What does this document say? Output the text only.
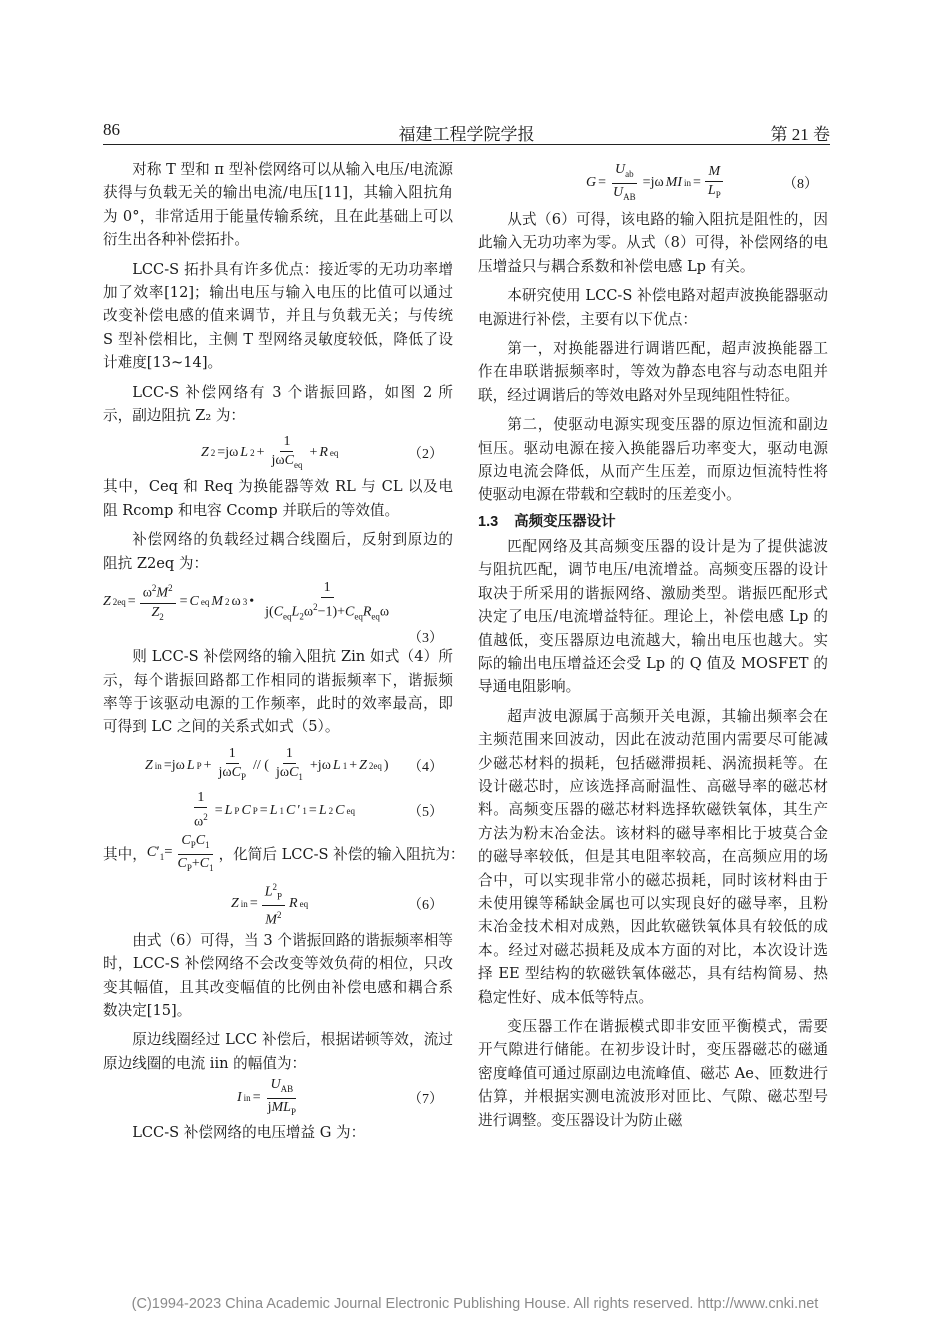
86	福建工程学院学报	第 21 卷

对称 T 型和 π 型补偿网络可以从输入电压/电流源获得与负载无关的输出电流/电压[11]，其输入阻抗角为 0°，非常适用于能量传输系统，且在此基础上可以衍生出各种补偿拓扑。

LCC-S 拓扑具有许多优点：接近零的无功功率增加了效率[12]；输出电压与输入电压的比值可以通过改变补偿电感的值来调节，并且与负载无关；与传统 S 型补偿相比，主侧 T 型网络灵敏度较低，降低了设计难度[13~14]。

LCC-S 补偿网络有 3 个谐振回路，如图 2 所示，副边阻抗 Z₂ 为：

Z 2 =jω L $2 + \frac{1}{j\omega C_{eq}} + R$ eq	（2）

其中，Ceq 和 Req 为换能器等效 RL 与 CL 以及电阻 Rcomp 和电容 Ccomp 并联后的等效值。

补偿网络的负载经过耦合线圈后，反射到原边的阻抗 Z2eq 为：

Z $2eq = \frac{\omega^2M^2}{Z_2} = C$ eq M 2 ω 3 • $\frac{1}{j(C_{eq}L_2\omega^2-1)+C_{eq}R_{eq}\omega}$
（3）

则 LCC-S 补偿网络的输入阻抗 Zin 如式（4）所示，每个谐振回路都工作相同的谐振频率下，谐振频率等于该驱动电源的工作频率，此时的效率最高，即可得到 LC 之间的关系式如式（5）。

Z in =jω L $P + \frac{1}{j\omega C_P}$ // ( $\frac{1}{j\omega C_1} +j\omega$ L 1 + Z 2eq ) （4）
$\frac{1}{\omega^2} = L$ P C P = L 1 C ′ 1 = L 2 C eq	（5）
其中， $C'_1= \frac{C_PC_1}{C_P+C_1}$ ，化简后 LCC-S 补偿的输入阻抗为：
Z in = $\frac{L^2_P}{M^2}$ R eq	（6）

由式（6）可得，当 3 个谐振回路的谐振频率相等时，LCC-S 补偿网络不会改变等效负荷的相位，只改变其幅值，且其改变幅值的比例由补偿电感和耦合系数决定[15]。

原边线圈经过 LCC 补偿后，根据诺顿等效，流过原边线圈的电流 iin 的幅值为：

I in = $\frac{U_{AB}}{jML_P}$	（7）

LCC-S 补偿网络的电压增益 G 为：

$G = \frac{U_{ab}}{U_{AB}} =j\omega$ MI in = $\frac{M}{L_P}$	（8）

从式（6）可得，该电路的输入阻抗是阻性的，因此输入无功功率为零。从式（8）可得，补偿网络的电压增益只与耦合系数和补偿电感 Lp 有关。

本研究使用 LCC-S 补偿电路对超声波换能器驱动电源进行补偿，主要有以下优点：

第一，对换能器进行调谐匹配，超声波换能器工作在串联谐振频率时，等效为静态电容与动态电阻并联，经过调谐后的等效电路对外呈现纯阻性特征。

第二，使驱动电源实现变压器的原边恒流和副边恒压。驱动电源在接入换能器后功率变大，驱动电源原边电流会降低，从而产生压差，而原边恒流特性将使驱动电源在带载和空载时的压差变小。

1.3 高频变压器设计

匹配网络及其高频变压器的设计是为了提供滤波与阻抗匹配，调节电压/电流增益。高频变压器的设计取决于所采用的谐振网络、激励类型。谐振匹配形式决定了电压/电流增益特征。理论上，补偿电感 Lp 的值越低，变压器原边电流越大，输出电压也越大。实际的输出电压增益还会受 Lp 的 Q 值及 MOSFET 的导通电阻影响。

超声波电源属于高频开关电源，其输出频率会在主频范围来回波动，因此在波动范围内需要尽可能减少磁芯材料的损耗，包括磁滞损耗、涡流损耗等。在设计磁芯时，应该选择高耐温性、高磁导率的磁芯材料。高频变压器的磁芯材料选择软磁铁氧体，其生产方法为粉末冶金法。该材料的磁导率相比于坡莫合金的磁导率较低，但是其电阻率较高，在高频应用的场合中，可以实现非常小的磁芯损耗，同时该材料由于未使用镍等稀缺金属也可以实现良好的磁导率，且粉末冶金技术相对成熟，因此软磁铁氧体具有较低的成本。经过对磁芯损耗及成本方面的对比，本次设计选择 EE 型结构的软磁铁氧体磁芯，具有结构简易、热稳定性好、成本低等特点。

变压器工作在谐振模式即非安匝平衡模式，需要开气隙进行储能。在初步设计时，变压器磁芯的磁通密度峰值可通过原副边电流峰值、磁芯 Ae、匝数进行估算，并根据实测电流波形对匝比、气隙、磁芯型号进行调整。变压器设计为防止磁

(C)1994-2023 China Academic Journal Electronic Publishing House. All rights reserved. http://www.cnki.net
